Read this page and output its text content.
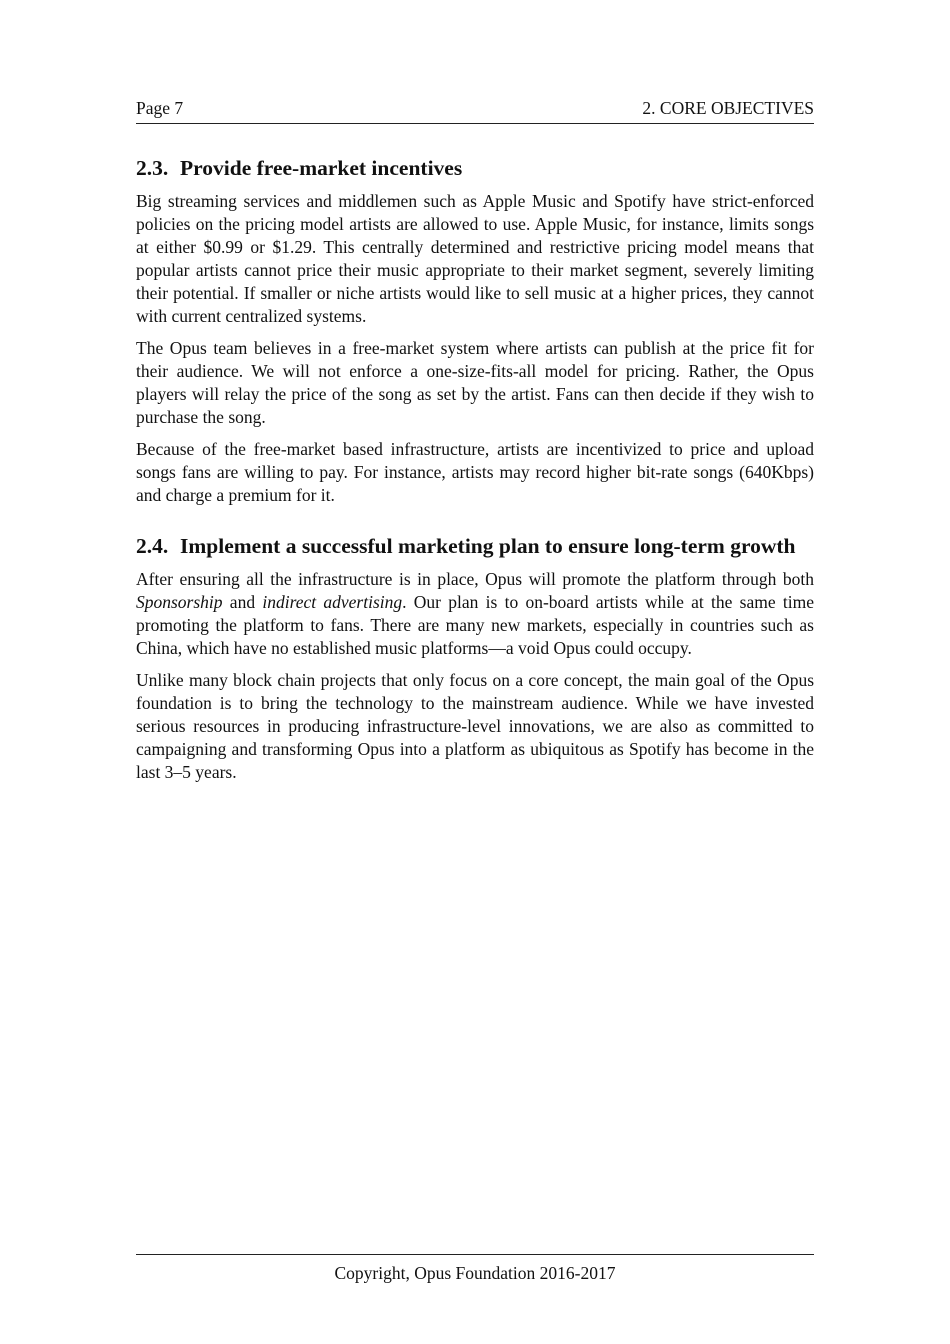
Page 7	2. CORE OBJECTIVES
2.3. Provide free-market incentives

Big streaming services and middlemen such as Apple Music and Spotify have strict-enforced policies on the pricing model artists are allowed to use. Apple Music, for instance, limits songs at either $0.99 or $1.29. This centrally determined and restrictive pricing model means that popular artists cannot price their music appropriate to their market segment, severely limiting their potential. If smaller or niche artists would like to sell music at a higher prices, they cannot with current centralized systems.

The Opus team believes in a free-market system where artists can publish at the price fit for their audience. We will not enforce a one-size-fits-all model for pricing. Rather, the Opus players will relay the price of the song as set by the artist. Fans can then decide if they wish to purchase the song.

Because of the free-market based infrastructure, artists are incentivized to price and upload songs fans are willing to pay. For instance, artists may record higher bit-rate songs (640Kbps) and charge a premium for it.

2.4. Implement a successful marketing plan to ensure long-term growth

After ensuring all the infrastructure is in place, Opus will promote the platform through both Sponsorship and indirect advertising. Our plan is to on-board artists while at the same time promoting the platform to fans. There are many new markets, especially in countries such as China, which have no established music platforms—a void Opus could occupy.

Unlike many block chain projects that only focus on a core concept, the main goal of the Opus foundation is to bring the technology to the mainstream audience. While we have invested serious resources in producing infrastructure-level innovations, we are also as committed to campaigning and transforming Opus into a platform as ubiquitous as Spotify has become in the last 3–5 years.

Copyright, Opus Foundation 2016-2017
